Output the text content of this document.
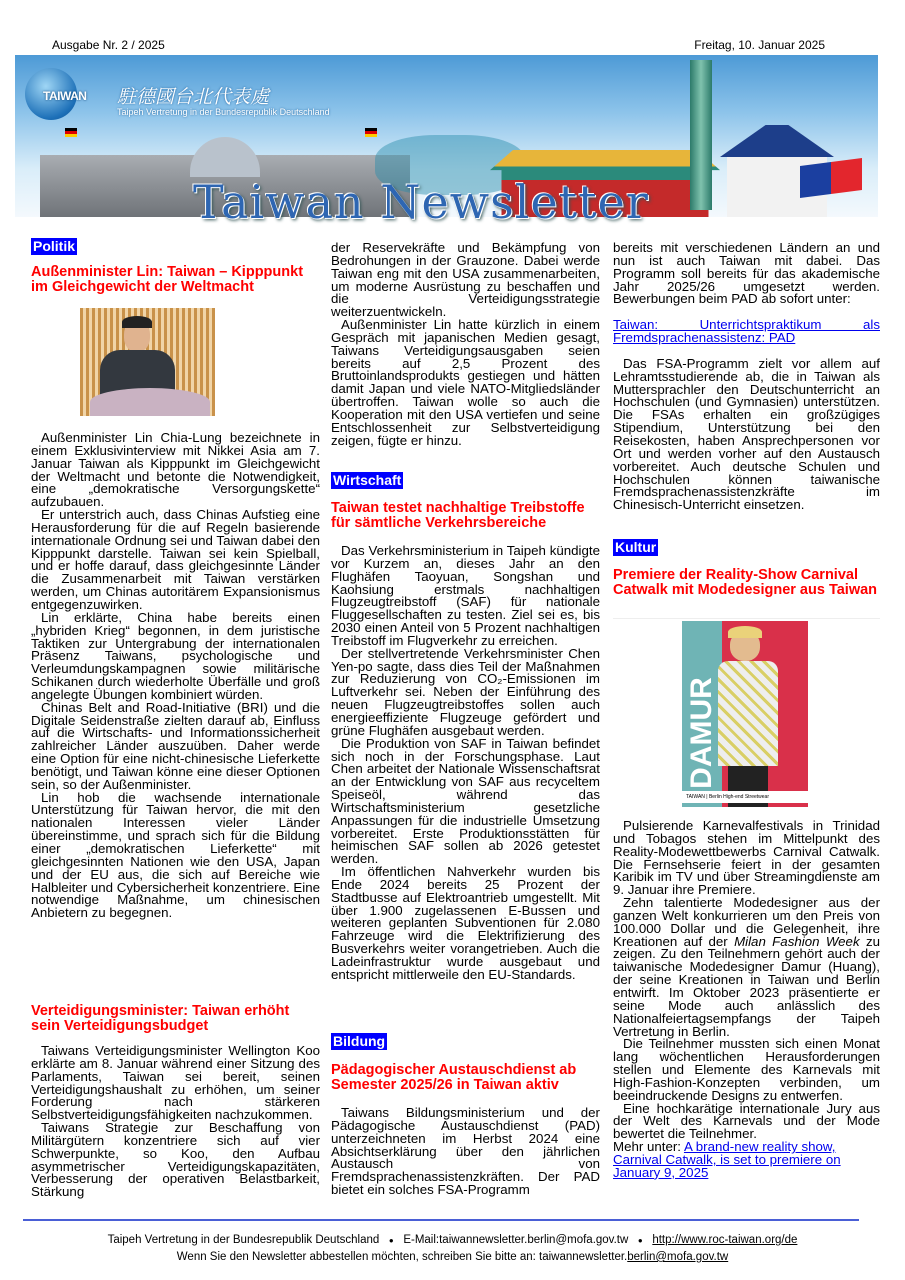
Ausgabe Nr. 2 / 2025	Freitag, 10. Januar 2025
TAIWAN 駐德國台北代表處
Taipeh Vertretung in der Bundesrepublik Deutschland
Taiwan Newsletter
Politik
Außenminister Lin: Taiwan – Kipppunkt im Gleichgewicht der Weltmacht

Außenminister Lin Chia-Lung bezeichnete in einem Exklusivinterview mit Nikkei Asia am 7. Januar Taiwan als Kipppunkt im Gleichgewicht der Weltmacht und betonte die Notwendigkeit, eine „demokratische Versorgungskette“ aufzubauen.

Er unterstrich auch, dass Chinas Aufstieg eine Herausforderung für die auf Regeln basierende internationale Ordnung sei und Taiwan dabei den Kipppunkt darstelle. Taiwan sei kein Spielball, und er hoffe darauf, dass gleichgesinnte Länder die Zusammenarbeit mit Taiwan verstärken werden, um Chinas autoritärem Expansionismus entgegenzuwirken.

Lin erklärte, China habe bereits einen „hybriden Krieg“ begonnen, in dem juristische Taktiken zur Untergrabung der internationalen Präsenz Taiwans, psychologische und Verleumdungskampagnen sowie militärische Schikanen durch wiederholte Überfälle und groß angelegte Übungen kombiniert würden.

Chinas Belt and Road-Initiative (BRI) und die Digitale Seidenstraße zielten darauf ab, Einfluss auf die Wirtschafts- und Informationssicherheit zahlreicher Länder auszuüben. Daher werde eine Option für eine nicht-chinesische Lieferkette benötigt, und Taiwan könne eine dieser Optionen sein, so der Außenminister.

Lin hob die wachsende internationale Unterstützung für Taiwan hervor, die mit den nationalen Interessen vieler Länder übereinstimme, und sprach sich für die Bildung einer „demokratischen Lieferkette“ mit gleichgesinnten Nationen wie den USA, Japan und der EU aus, die sich auf Bereiche wie Halbleiter und Cybersicherheit konzentriere. Eine notwendige Maßnahme, um chinesischen Anbietern zu begegnen.

Verteidigungsminister: Taiwan erhöht sein Verteidigungsbudget

Taiwans Verteidigungsminister Wellington Koo erklärte am 8. Januar während einer Sitzung des Parlaments, Taiwan sei bereit, seinen Verteidigungshaushalt zu erhöhen, um seiner Forderung nach stärkeren Selbstverteidigungsfähigkeiten nachzukommen.

Taiwans Strategie zur Beschaffung von Militärgütern konzentriere sich auf vier Schwerpunkte, so Koo, den Aufbau asymmetrischer Verteidigungskapazitäten, Verbesserung der operativen Belastbarkeit, Stärkung

der Reservekräfte und Bekämpfung von Bedrohungen in der Grauzone. Dabei werde Taiwan eng mit den USA zusammenarbeiten, um moderne Ausrüstung zu beschaffen und die Verteidigungsstrategie weiterzuentwickeln.

Außenminister Lin hatte kürzlich in einem Gespräch mit japanischen Medien gesagt, Taiwans Verteidigungsausgaben seien bereits auf 2,5 Prozent des Bruttoinlandsprodukts gestiegen und hätten damit Japan und viele NATO-Mitgliedsländer übertroffen. Taiwan wolle so auch die Kooperation mit den USA vertiefen und seine Entschlossenheit zur Selbstverteidigung zeigen, fügte er hinzu.

Wirtschaft
Taiwan testet nachhaltige Treibstoffe für sämtliche Verkehrsbereiche

Das Verkehrsministerium in Taipeh kündigte vor Kurzem an, dieses Jahr an den Flughäfen Taoyuan, Songshan und Kaohsiung erstmals nachhaltigen Flugzeugtreibstoff (SAF) für nationale Fluggesellschaften zu testen. Ziel sei es, bis 2030 einen Anteil von 5 Prozent nachhaltigen Treibstoff im Flugverkehr zu erreichen.

Der stellvertretende Verkehrsminister Chen Yen-po sagte, dass dies Teil der Maßnahmen zur Reduzierung von CO₂-Emissionen im Luftverkehr sei. Neben der Einführung des neuen Flugzeugtreibstoffes sollen auch energieeffiziente Flugzeuge gefördert und grüne Flughäfen ausgebaut werden.

Die Produktion von SAF in Taiwan befindet sich noch in der Forschungsphase. Laut Chen arbeitet der Nationale Wissenschaftsrat an der Entwicklung von SAF aus recyceltem Speiseöl, während das Wirtschaftsministerium gesetzliche Anpassungen für die industrielle Umsetzung vorbereitet. Erste Produktionsstätten für heimischen SAF sollen ab 2026 getestet werden.

Im öffentlichen Nahverkehr wurden bis Ende 2024 bereits 25 Prozent der Stadtbusse auf Elektroantrieb umgestellt. Mit über 1.900 zugelassenen E-Bussen und weiteren geplanten Subventionen für 2.080 Fahrzeuge wird die Elektrifizierung des Busverkehrs weiter vorangetrieben. Auch die Ladeinfrastruktur wurde ausgebaut und entspricht mittlerweile den EU-Standards.

Bildung
Pädagogischer Austauschdienst ab Semester 2025/26 in Taiwan aktiv

Taiwans Bildungsministerium und der Pädagogische Austauschdienst (PAD) unterzeichneten im Herbst 2024 eine Absichtserklärung über den jährlichen Austausch von Fremdsprachenassistenzkräften. Der PAD bietet ein solches FSA-Programm

bereits mit verschiedenen Ländern an und nun ist auch Taiwan mit dabei. Das Programm soll bereits für das akademische Jahr 2025/26 umgesetzt werden. Bewerbungen beim PAD ab sofort unter:

Taiwan: Unterrichtspraktikum als Fremdsprachenassistenz: PAD

Das FSA-Programm zielt vor allem auf Lehramtsstudierende ab, die in Taiwan als Muttersprachler den Deutschunterricht an Hochschulen (und Gymnasien) unterstützen. Die FSAs erhalten ein großzügiges Stipendium, Unterstützung bei den Reisekosten, haben Ansprechpersonen vor Ort und werden vorher auf den Austausch vorbereitet. Auch deutsche Schulen und Hochschulen können taiwanische Fremdsprachenassistenzkräfte im Chinesisch-Unterricht einsetzen.

Kultur
Premiere der Reality-Show Carnival Catwalk mit Modedesigner aus Taiwan
DAMUR
TAIWAN | Berlin High-end Streetwear

Pulsierende Karnevalfestivals in Trinidad und Tobagos stehen im Mittelpunkt des Reality-Modewettbewerbs Carnival Catwalk. Die Fernsehserie feiert in der gesamten Karibik im TV und über Streamingdienste am 9. Januar ihre Premiere.

Zehn talentierte Modedesigner aus der ganzen Welt konkurrieren um den Preis von 100.000 Dollar und die Gelegenheit, ihre Kreationen auf der Milan Fashion Week zu zeigen. Zu den Teilnehmern gehört auch der taiwanische Modedesigner Damur (Huang), der seine Kreationen in Taiwan und Berlin entwirft. Im Oktober 2023 präsentierte er seine Mode auch anlässlich des Nationalfeiertagsempfangs der Taipeh Vertretung in Berlin.

Die Teilnehmer mussten sich einen Monat lang wöchentlichen Herausforderungen stellen und Elemente des Karnevals mit High-Fashion-Konzepten verbinden, um beeindruckende Designs zu entwerfen.

Eine hochkarätige internationale Jury aus der Welt des Karnevals und der Mode bewertet die Teilnehmer.

Mehr unter: A brand-new reality show, Carnival Catwalk, is set to premiere on January 9, 2025

Taipeh Vertretung in der Bundesrepublik Deutschland ● E-Mail:taiwannewsletter.berlin@mofa.gov.tw ● http://www.roc-taiwan.org/de
Wenn Sie den Newsletter abbestellen möchten, schreiben Sie bitte an: taiwannewsletter.berlin@mofa.gov.tw
